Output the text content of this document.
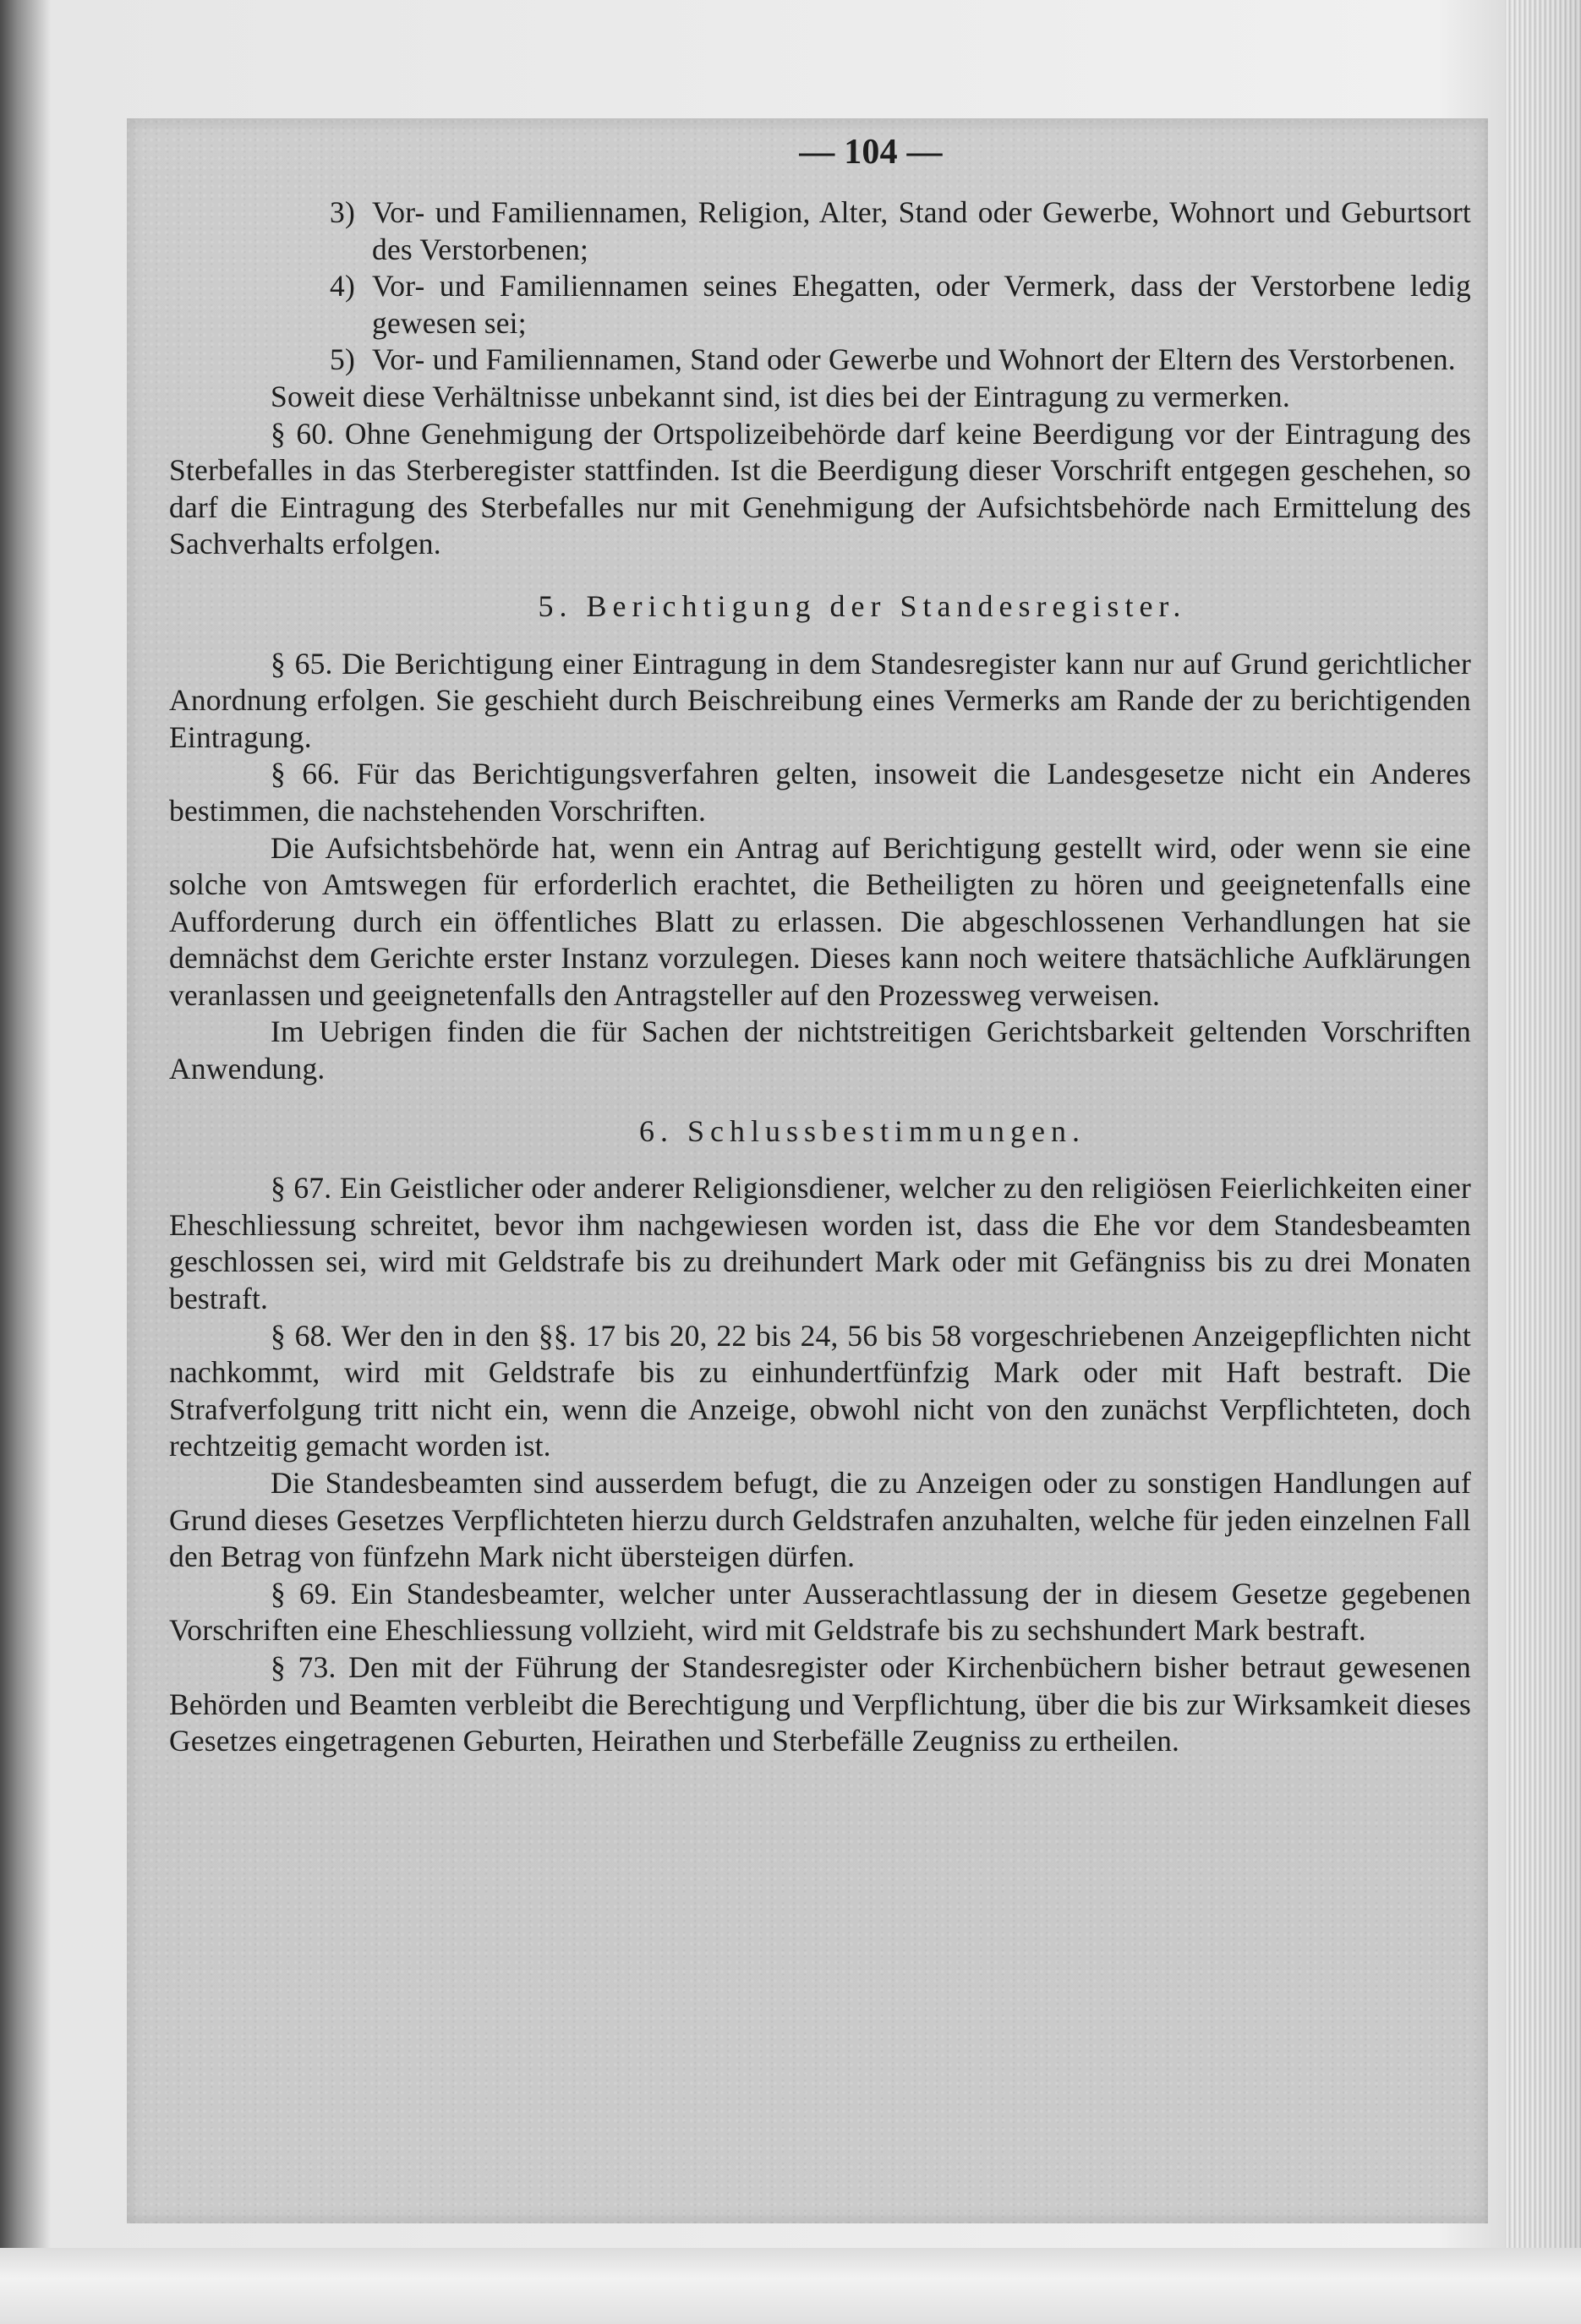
— 104 —

3) Vor- und Familiennamen, Religion, Alter, Stand oder Gewerbe, Wohnort und Geburtsort des Verstorbenen;

4) Vor- und Familiennamen seines Ehegatten, oder Vermerk, dass der Verstorbene ledig gewesen sei;

5) Vor- und Familiennamen, Stand oder Gewerbe und Wohnort der Eltern des Verstorbenen.

Soweit diese Verhältnisse unbekannt sind, ist dies bei der Eintragung zu vermerken.

§ 60. Ohne Genehmigung der Ortspolizeibehörde darf keine Beerdigung vor der Eintragung des Sterbefalles in das Sterberegister stattfinden. Ist die Beerdigung dieser Vorschrift entgegen geschehen, so darf die Eintragung des Sterbefalles nur mit Genehmigung der Aufsichtsbehörde nach Ermittelung des Sachverhalts erfolgen.

5. Berichtigung der Standesregister.

§ 65. Die Berichtigung einer Eintragung in dem Standesregister kann nur auf Grund gerichtlicher Anordnung erfolgen. Sie geschieht durch Beischreibung eines Vermerks am Rande der zu berichtigenden Eintragung.

§ 66. Für das Berichtigungsverfahren gelten, insoweit die Landesgesetze nicht ein Anderes bestimmen, die nachstehenden Vorschriften.

Die Aufsichtsbehörde hat, wenn ein Antrag auf Berichtigung gestellt wird, oder wenn sie eine solche von Amtswegen für erforderlich erachtet, die Betheiligten zu hören und geeignetenfalls eine Aufforderung durch ein öffentliches Blatt zu erlassen. Die abgeschlossenen Verhandlungen hat sie demnächst dem Gerichte erster Instanz vorzulegen. Dieses kann noch weitere thatsächliche Aufklärungen veranlassen und geeignetenfalls den Antragsteller auf den Prozessweg verweisen.

Im Uebrigen finden die für Sachen der nichtstreitigen Gerichtsbarkeit geltenden Vorschriften Anwendung.

6. Schlussbestimmungen.

§ 67. Ein Geistlicher oder anderer Religionsdiener, welcher zu den religiösen Feierlichkeiten einer Eheschliessung schreitet, bevor ihm nachgewiesen worden ist, dass die Ehe vor dem Standesbeamten geschlossen sei, wird mit Geldstrafe bis zu dreihundert Mark oder mit Gefängniss bis zu drei Monaten bestraft.

§ 68. Wer den in den §§. 17 bis 20, 22 bis 24, 56 bis 58 vorgeschriebenen Anzeigepflichten nicht nachkommt, wird mit Geldstrafe bis zu einhundertfünfzig Mark oder mit Haft bestraft. Die Strafverfolgung tritt nicht ein, wenn die Anzeige, obwohl nicht von den zunächst Verpflichteten, doch rechtzeitig gemacht worden ist.

Die Standesbeamten sind ausserdem befugt, die zu Anzeigen oder zu sonstigen Handlungen auf Grund dieses Gesetzes Verpflichteten hierzu durch Geldstrafen anzuhalten, welche für jeden einzelnen Fall den Betrag von fünfzehn Mark nicht übersteigen dürfen.

§ 69. Ein Standesbeamter, welcher unter Ausserachtlassung der in diesem Gesetze gegebenen Vorschriften eine Eheschliessung vollzieht, wird mit Geldstrafe bis zu sechshundert Mark bestraft.

§ 73. Den mit der Führung der Standesregister oder Kirchenbüchern bisher betraut gewesenen Behörden und Beamten verbleibt die Berechtigung und Verpflichtung, über die bis zur Wirksamkeit dieses Gesetzes eingetragenen Geburten, Heirathen und Sterbefälle Zeugniss zu ertheilen.
